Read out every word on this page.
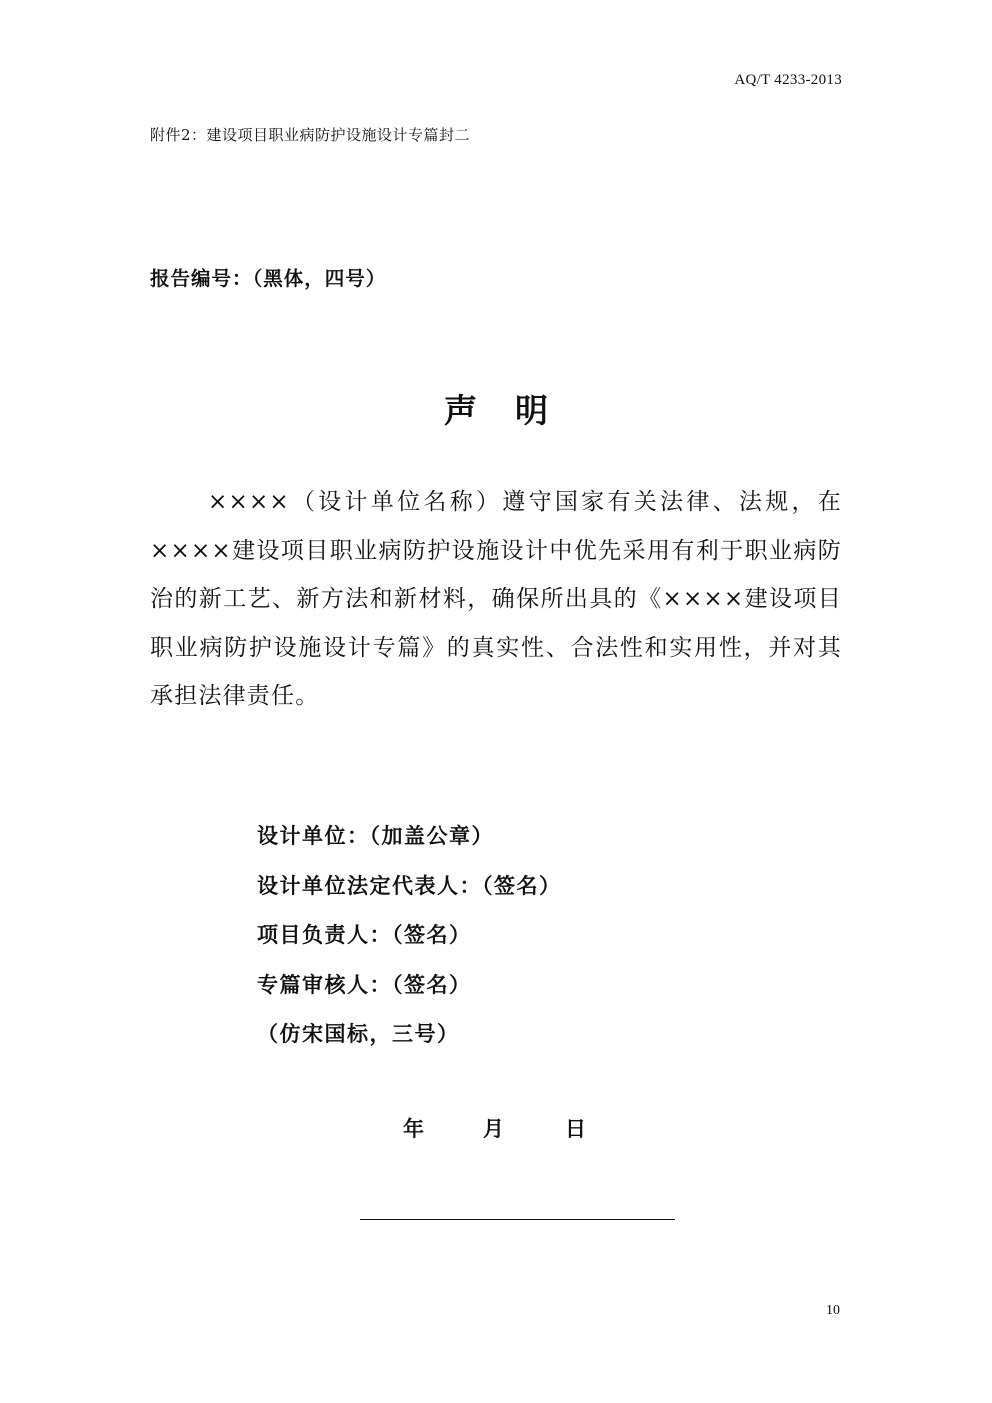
AQ/T 4233-2013
附件2：建设项目职业病防护设施设计专篇封二
报告编号：（黑体，四号）
声明
××××（设计单位名称）遵守国家有关法律、法规，在××××建设项目职业病防护设施设计中优先采用有利于职业病防治的新工艺、新方法和新材料，确保所出具的《××××建设项目职业病防护设施设计专篇》的真实性、合法性和实用性，并对其承担法律责任。
设计单位：（加盖公章）
设计单位法定代表人：（签名）
项目负责人：（签名）
专篇审核人：（签名）
（仿宋国标，三号）
年	月	日
10
